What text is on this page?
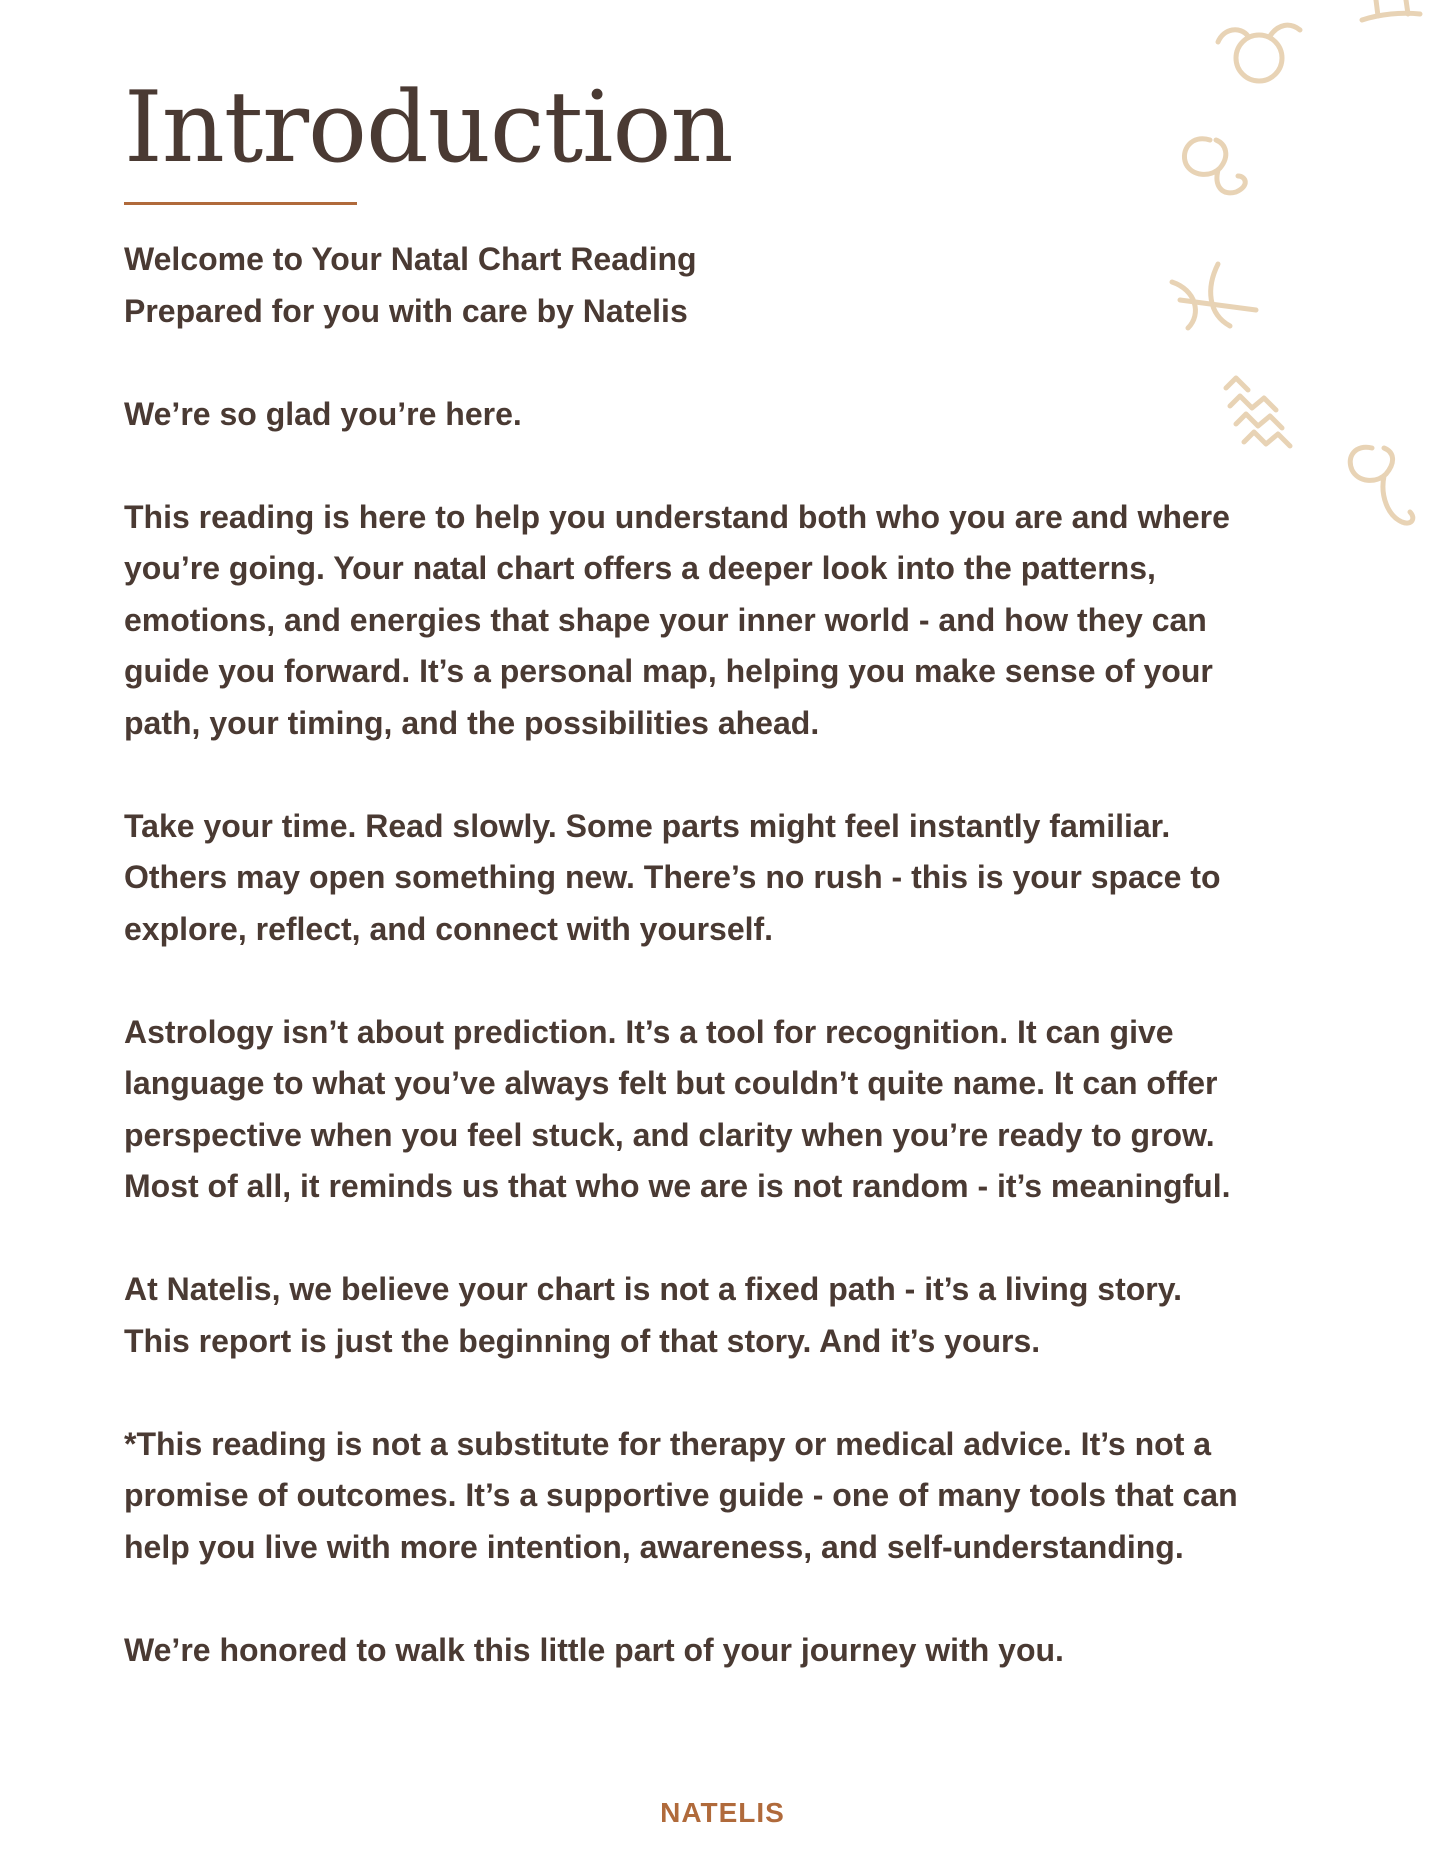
Introduction

Welcome to Your Natal Chart Reading
Prepared for you with care by Natelis

We’re so glad you’re here.

This reading is here to help you understand both who you are and where
you’re going. Your natal chart offers a deeper look into the patterns,
emotions, and energies that shape your inner world - and how they can
guide you forward. It’s a personal map, helping you make sense of your
path, your timing, and the possibilities ahead.

Take your time. Read slowly. Some parts might feel instantly familiar.
Others may open something new. There’s no rush - this is your space to
explore, reflect, and connect with yourself.

Astrology isn’t about prediction. It’s a tool for recognition. It can give
language to what you’ve always felt but couldn’t quite name. It can offer
perspective when you feel stuck, and clarity when you’re ready to grow.
Most of all, it reminds us that who we are is not random - it’s meaningful.

At Natelis, we believe your chart is not a fixed path - it’s a living story.
This report is just the beginning of that story. And it’s yours.

*This reading is not a substitute for therapy or medical advice. It’s not a
promise of outcomes. It’s a supportive guide - one of many tools that can
help you live with more intention, awareness, and self-understanding.

We’re honored to walk this little part of your journey with you.

NATELIS
